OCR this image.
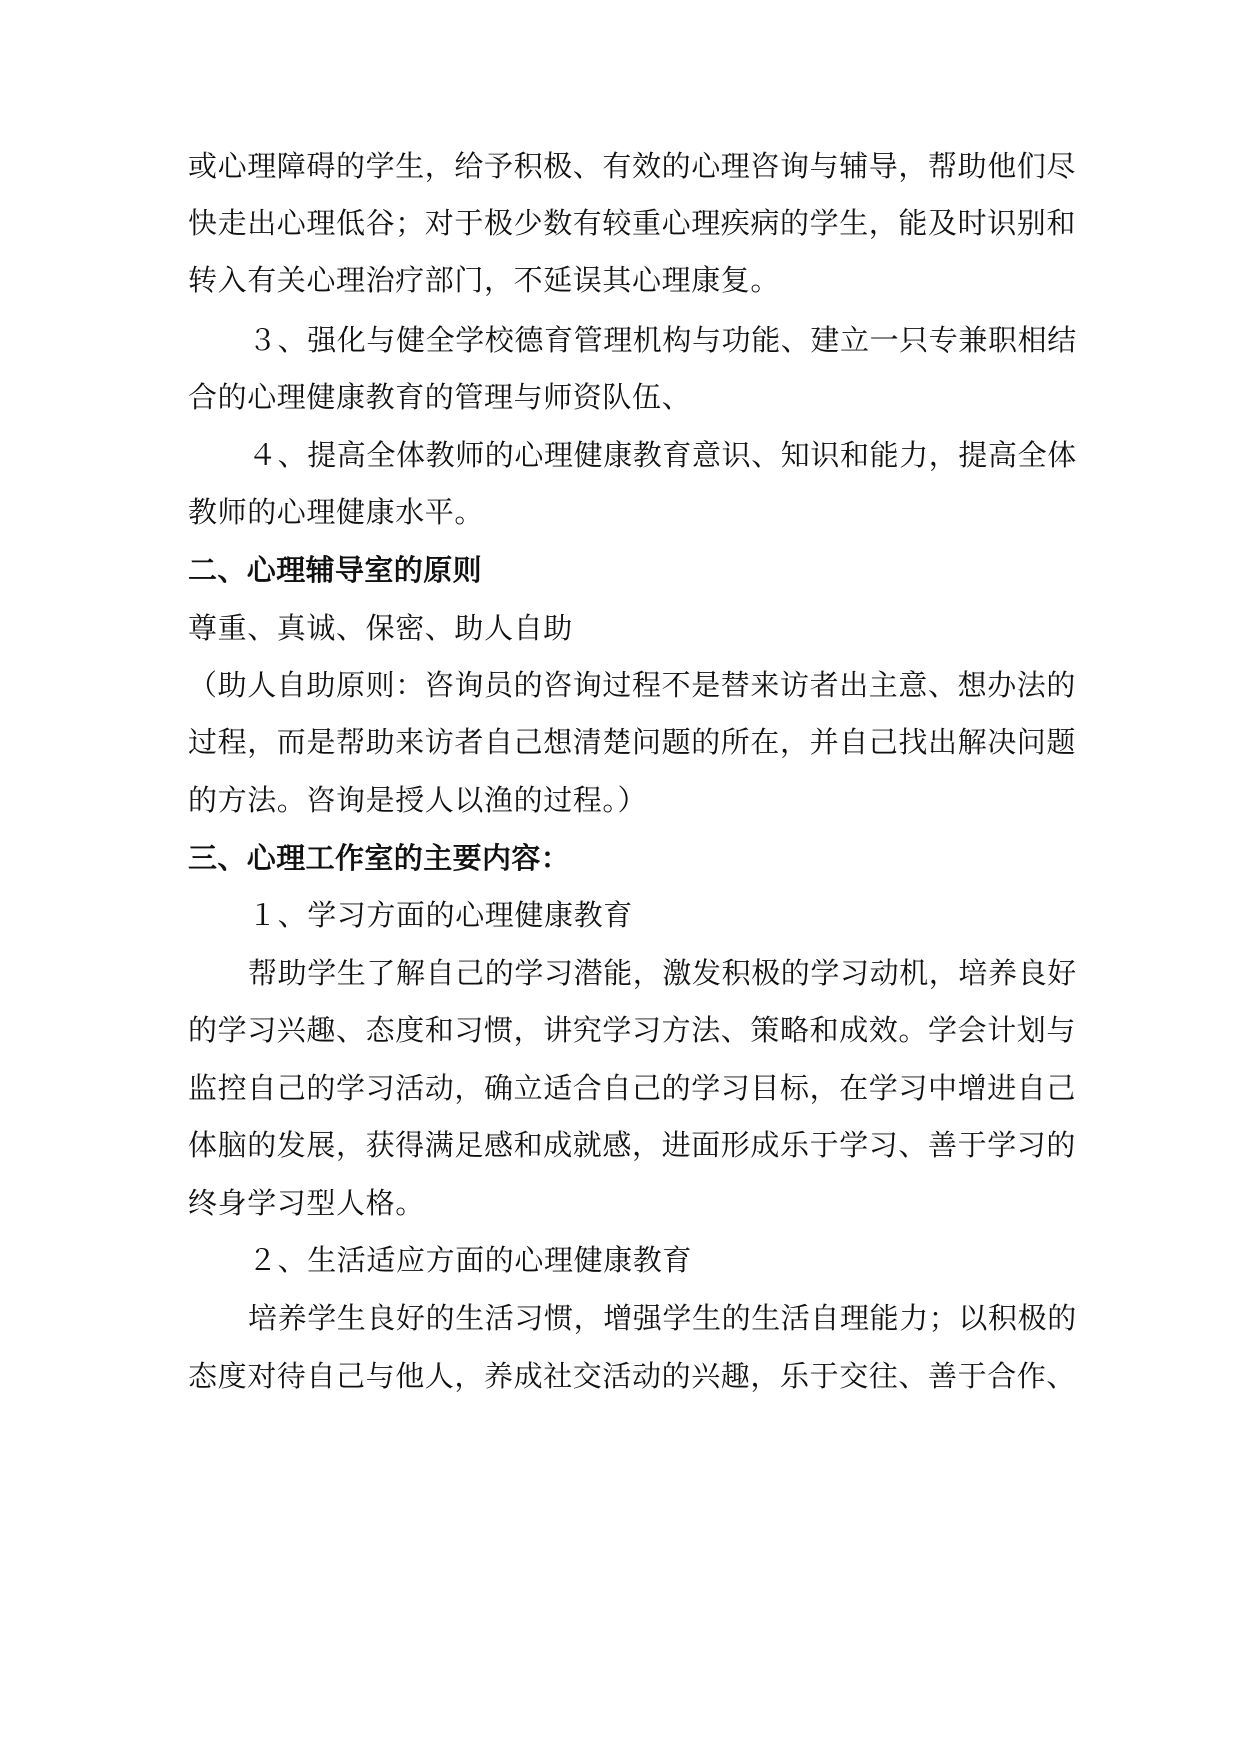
或心理障碍的学生，给予积极、有效的心理咨询与辅导，帮助他们尽
快走出心理低谷；对于极少数有较重心理疾病的学生，能及时识别和
转入有关心理治疗部门，不延误其心理康复。
３、强化与健全学校德育管理机构与功能、建立一只专兼职相结
合的心理健康教育的管理与师资队伍、
４、提高全体教师的心理健康教育意识、知识和能力，提高全体
教师的心理健康水平。
二、心理辅导室的原则
尊重、真诚、保密、助人自助
（助人自助原则：咨询员的咨询过程不是替来访者出主意、想办法的
过程，而是帮助来访者自己想清楚问题的所在，并自己找出解决问题
的方法。咨询是授人以渔的过程。）
三、心理工作室的主要内容：
１、学习方面的心理健康教育
帮助学生了解自己的学习潜能，激发积极的学习动机，培养良好
的学习兴趣、态度和习惯，讲究学习方法、策略和成效。学会计划与
监控自己的学习活动，确立适合自己的学习目标，在学习中增进自己
体脑的发展，获得满足感和成就感，进面形成乐于学习、善于学习的
终身学习型人格。
２、生活适应方面的心理健康教育
培养学生良好的生活习惯，增强学生的生活自理能力；以积极的
态度对待自己与他人，养成社交活动的兴趣，乐于交往、善于合作、
